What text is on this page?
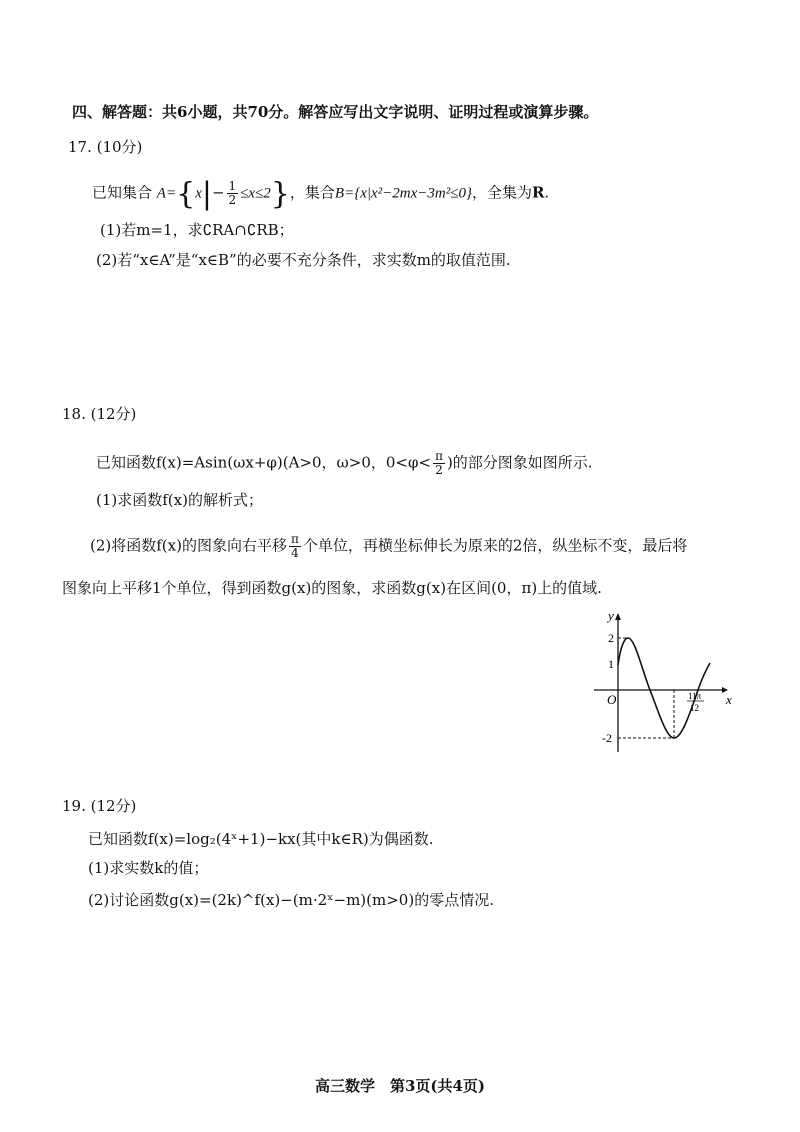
四、解答题：共6小题，共70分。解答应写出文字说明、证明过程或演算步骤。
17. (10分)
已知集合 $A=\{x|- \frac{1}{2} \le x\le 2\}$，集合B={x|x²−2mx−3m²≤0}，全集为R.
(1)若m=1，求∁RA∩∁RB；
(2)若“x∈A”是“x∈B”的必要不充分条件，求实数m的取值范围.
18. (12分)
已知函数f(x)=Asin(ωx+φ)(A>0，ω>0，$0<\varphi< \frac{\pi}{2}$ )的部分图象如图所示.
(1)求函数f(x)的解析式；
(2)将函数f(x)的图象向右平移 $\frac{\pi}{4}$ 个单位，再横坐标伸长为原来的2倍，纵坐标不变，最后将
图象向上平移1个单位，得到函数g(x)的图象，求函数g(x)在区间(0，π)上的值域.
y
x
O
2
1
-2
11π
12
19. (12分)
已知函数f(x)=log₂(4ˣ+1)−kx(其中k∈R)为偶函数.
(1)求实数k的值；
(2)讨论函数g(x)=(2k)^f(x)−(m·2ˣ−m)(m>0)的零点情况.
高三数学　第3页(共4页)
